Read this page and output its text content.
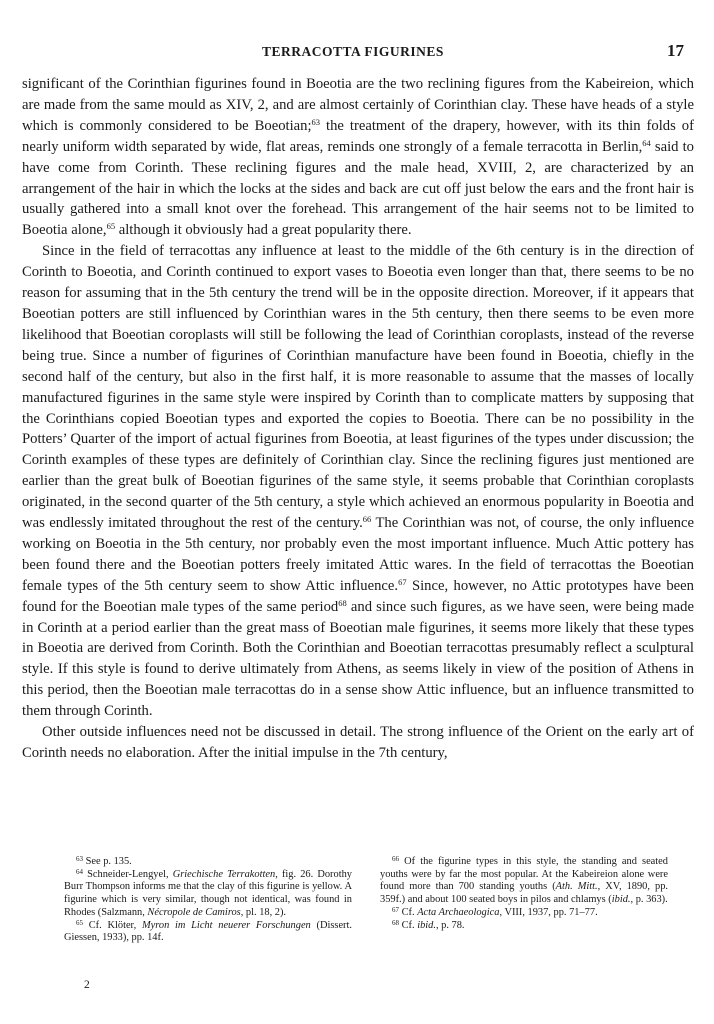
TERRACOTTA FIGURINES	17

significant of the Corinthian figurines found in Boeotia are the two reclining figures from the Kabeireion, which are made from the same mould as XIV, 2, and are almost certainly of Corinthian clay. These have heads of a style which is commonly considered to be Boeotian;$^{63}$ the treatment of the drapery, however, with its thin folds of nearly uniform width separated by wide, flat areas, reminds one strongly of a female terracotta in Berlin,$^{64}$ said to have come from Corinth. These reclining figures and the male head, XVIII, 2, are characterized by an arrangement of the hair in which the locks at the sides and back are cut off just below the ears and the front hair is usually gathered into a small knot over the forehead. This arrangement of the hair seems not to be limited to Boeotia alone,$^{65}$ although it obviously had a great popularity there.

Since in the field of terracottas any influence at least to the middle of the 6th century is in the direction of Corinth to Boeotia, and Corinth continued to export vases to Boeotia even longer than that, there seems to be no reason for assuming that in the 5th century the trend will be in the opposite direction. Moreover, if it appears that Boeotian potters are still influenced by Corinthian wares in the 5th century, then there seems to be even more likelihood that Boeotian coroplasts will still be following the lead of Corinthian coroplasts, instead of the reverse being true. Since a number of figurines of Corinthian manufacture have been found in Boeotia, chiefly in the second half of the century, but also in the first half, it is more reasonable to assume that the masses of locally manufactured figurines in the same style were inspired by Corinth than to complicate matters by supposing that the Corinthians copied Boeotian types and exported the copies to Boeotia. There can be no possibility in the Potters’ Quarter of the import of actual figurines from Boeotia, at least figurines of the types under discussion; the Corinth examples of these types are definitely of Corinthian clay. Since the reclining figures just mentioned are earlier than the great bulk of Boeotian figurines of the same style, it seems probable that Corinthian coroplasts originated, in the second quarter of the 5th century, a style which achieved an enormous popularity in Boeotia and was endlessly imitated throughout the rest of the century.$^{66}$ The Corinthian was not, of course, the only influence working on Boeotia in the 5th century, nor probably even the most important influence. Much Attic pottery has been found there and the Boeotian potters freely imitated Attic wares. In the field of terracottas the Boeotian female types of the 5th century seem to show Attic influence.$^{67}$ Since, however, no Attic prototypes have been found for the Boeotian male types of the same period$^{68}$ and since such figures, as we have seen, were being made in Corinth at a period earlier than the great mass of Boeotian male figurines, it seems more likely that these types in Boeotia are derived from Corinth. Both the Corinthian and Boeotian terracottas presumably reflect a sculptural style. If this style is found to derive ultimately from Athens, as seems likely in view of the position of Athens in this period, then the Boeotian male terracottas do in a sense show Attic influence, but an influence transmitted to them through Corinth.

Other outside influences need not be discussed in detail. The strong influence of the Orient on the early art of Corinth needs no elaboration. After the initial impulse in the 7th century,

$^{63}$ See p. 135.

$^{64}$ Schneider-Lengyel, Griechische Terrakotten, fig. 26. Dorothy Burr Thompson informs me that the clay of this figurine is yellow. A figurine which is very similar, though not identical, was found in Rhodes (Salzmann, Nécropole de Camiros, pl. 18, 2).

$^{65}$ Cf. Klöter, Myron im Licht neuerer Forschungen (Dissert. Giessen, 1933), pp. 14f.

$^{66}$ Of the figurine types in this style, the standing and seated youths were by far the most popular. At the Kabeireion alone were found more than 700 standing youths (Ath. Mitt., XV, 1890, pp. 359f.) and about 100 seated boys in pilos and chlamys (ibid., p. 363).

$^{67}$ Cf. Acta Archaeologica, VIII, 1937, pp. 71–77.

$^{68}$ Cf. ibid., p. 78.

2
